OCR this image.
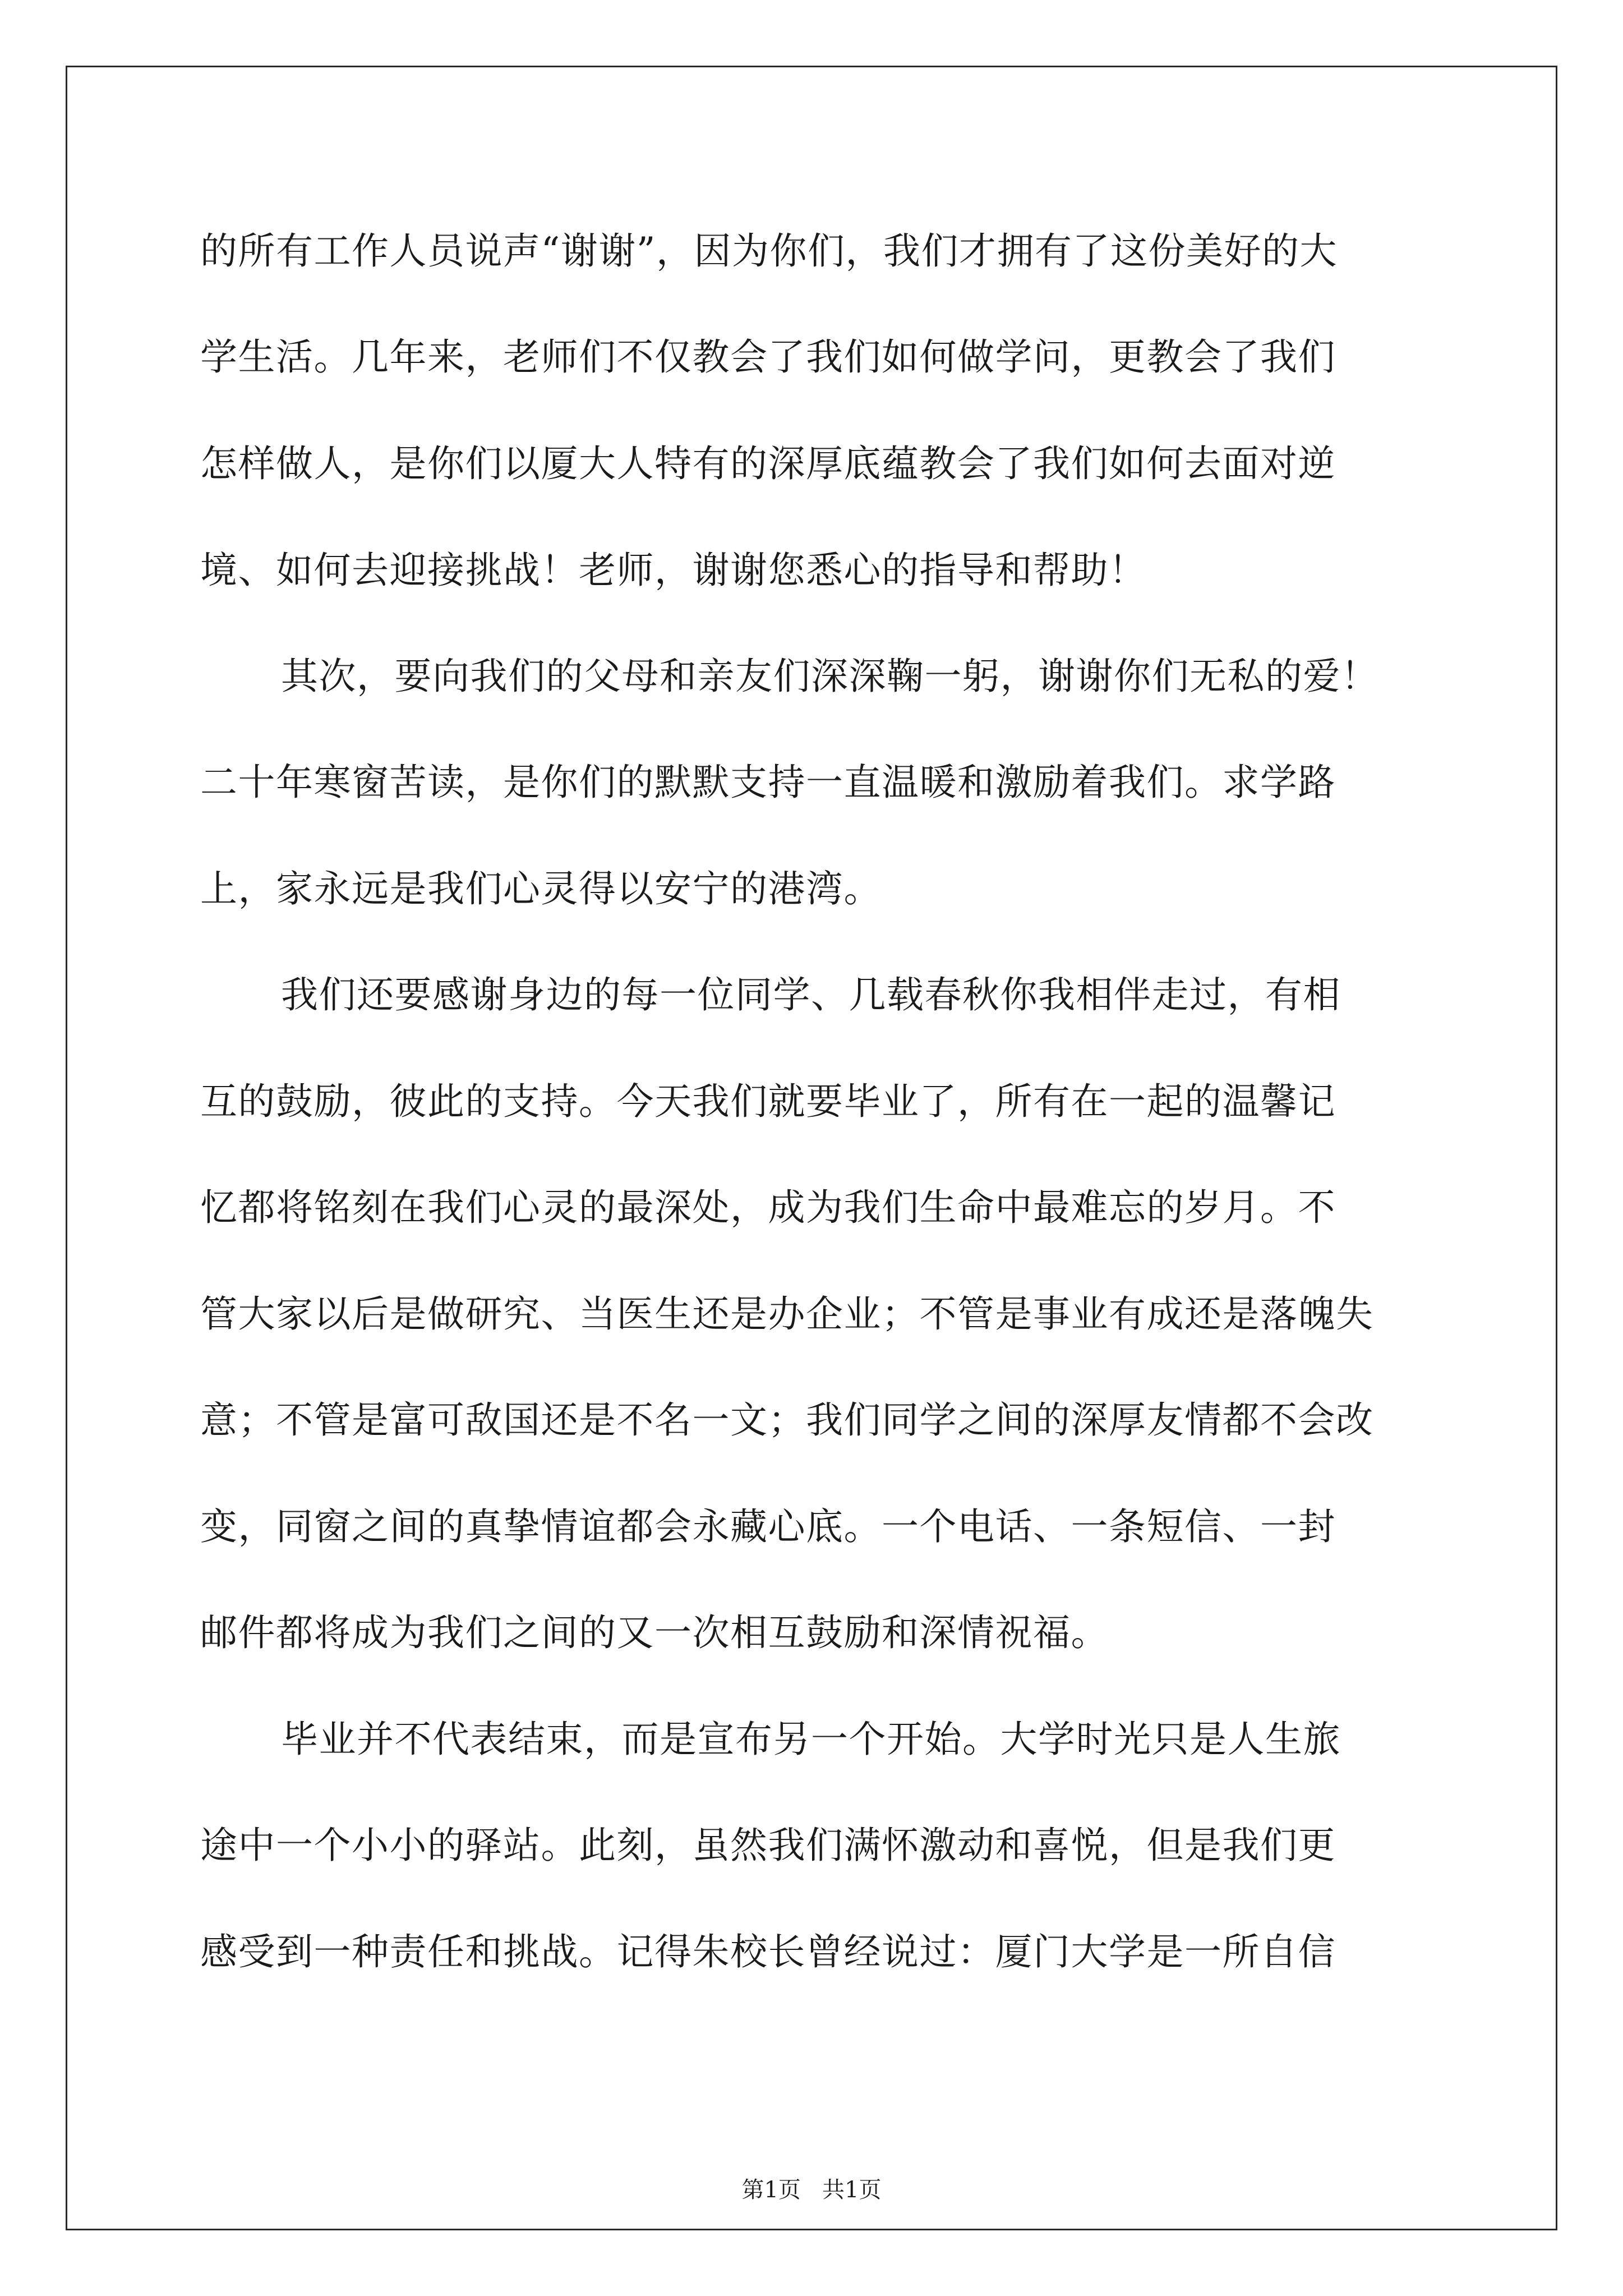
的所有工作人员说声“谢谢”，因为你们，我们才拥有了这份美好的大
学生活。几年来，老师们不仅教会了我们如何做学问，更教会了我们
怎样做人，是你们以厦大人特有的深厚底蕴教会了我们如何去面对逆
境、如何去迎接挑战！老师，谢谢您悉心的指导和帮助！
其次，要向我们的父母和亲友们深深鞠一躬，谢谢你们无私的爱！
二十年寒窗苦读，是你们的默默支持一直温暖和激励着我们。求学路
上，家永远是我们心灵得以安宁的港湾。
我们还要感谢身边的每一位同学、几载春秋你我相伴走过，有相
互的鼓励，彼此的支持。今天我们就要毕业了，所有在一起的温馨记
忆都将铭刻在我们心灵的最深处，成为我们生命中最难忘的岁月。不
管大家以后是做研究、当医生还是办企业；不管是事业有成还是落魄失
意；不管是富可敌国还是不名一文；我们同学之间的深厚友情都不会改
变，同窗之间的真挚情谊都会永藏心底。一个电话、一条短信、一封
邮件都将成为我们之间的又一次相互鼓励和深情祝福。
毕业并不代表结束，而是宣布另一个开始。大学时光只是人生旅
途中一个小小的驿站。此刻，虽然我们满怀激动和喜悦，但是我们更
感受到一种责任和挑战。记得朱校长曾经说过：厦门大学是一所自信
第1页   共1页
